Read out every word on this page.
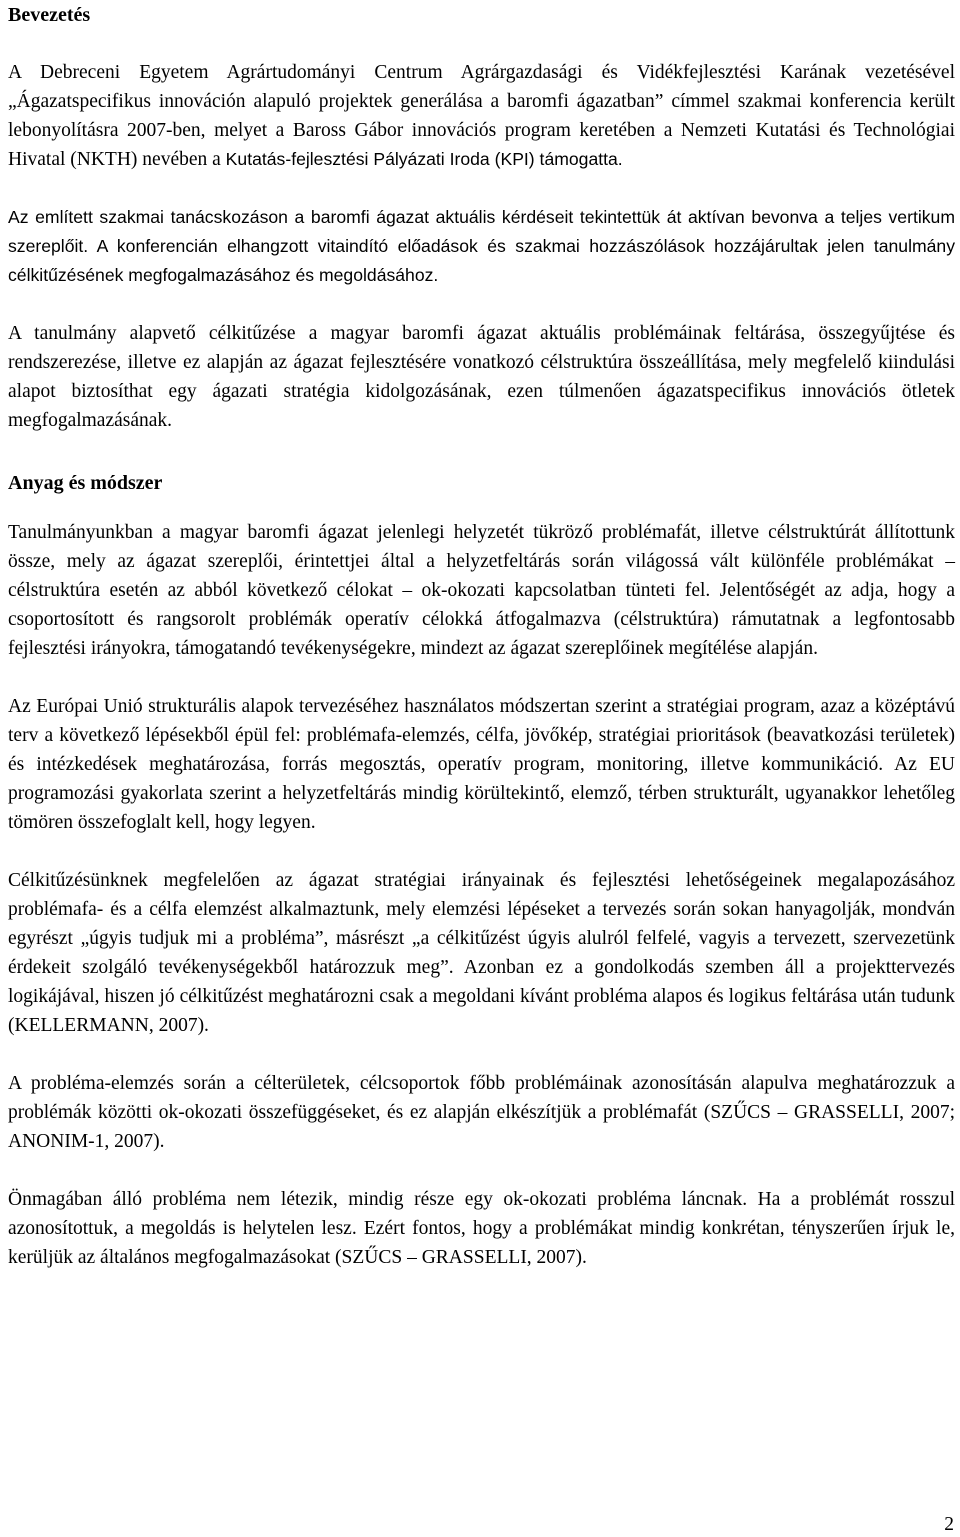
Bevezetés

A Debreceni Egyetem Agrártudományi Centrum Agrárgazdasági és Vidékfejlesztési Karának vezetésével „Ágazatspecifikus innováción alapuló projektek generálása a baromfi ágazatban” címmel szakmai konferencia került lebonyolításra 2007-ben, melyet a Baross Gábor innovációs program keretében a Nemzeti Kutatási és Technológiai Hivatal (NKTH) nevében a Kutatás-fejlesztési Pályázati Iroda (KPI) támogatta.

Az említett szakmai tanácskozáson a baromfi ágazat aktuális kérdéseit tekintettük át aktívan bevonva a teljes vertikum szereplőit. A konferencián elhangzott vitaindító előadások és szakmai hozzászólások hozzájárultak jelen tanulmány célkitűzésének megfogalmazásához és megoldásához.

A tanulmány alapvető célkitűzése a magyar baromfi ágazat aktuális problémáinak feltárása, összegyűjtése és rendszerezése, illetve ez alapján az ágazat fejlesztésére vonatkozó célstruktúra összeállítása, mely megfelelő kiindulási alapot biztosíthat egy ágazati stratégia kidolgozásának, ezen túlmenően ágazatspecifikus innovációs ötletek megfogalmazásának.

Anyag és módszer

Tanulmányunkban a magyar baromfi ágazat jelenlegi helyzetét tükröző problémafát, illetve célstruktúrát állítottunk össze, mely az ágazat szereplői, érintettjei által a helyzetfeltárás során világossá vált különféle problémákat – célstruktúra esetén az abból következő célokat – ok-okozati kapcsolatban tünteti fel. Jelentőségét az adja, hogy a csoportosított és rangsorolt problémák operatív célokká átfogalmazva (célstruktúra) rámutatnak a legfontosabb fejlesztési irányokra, támogatandó tevékenységekre, mindezt az ágazat szereplőinek megítélése alapján.

Az Európai Unió strukturális alapok tervezéséhez használatos módszertan szerint a stratégiai program, azaz a középtávú terv a következő lépésekből épül fel: problémafa-elemzés, célfa, jövőkép, stratégiai prioritások (beavatkozási területek) és intézkedések meghatározása, forrás megosztás, operatív program, monitoring, illetve kommunikáció. Az EU programozási gyakorlata szerint a helyzetfeltárás mindig körültekintő, elemző, térben strukturált, ugyanakkor lehetőleg tömören összefoglalt kell, hogy legyen.

Célkitűzésünknek megfelelően az ágazat stratégiai irányainak és fejlesztési lehetőségeinek megalapozásához problémafa- és a célfa elemzést alkalmaztunk, mely elemzési lépéseket a tervezés során sokan hanyagolják, mondván egyrészt „úgyis tudjuk mi a probléma”, másrészt „a célkitűzést úgyis alulról felfelé, vagyis a tervezett, szervezetünk érdekeit szolgáló tevékenységekből határozzuk meg”. Azonban ez a gondolkodás szemben áll a projekttervezés logikájával, hiszen jó célkitűzést meghatározni csak a megoldani kívánt probléma alapos és logikus feltárása után tudunk (KELLERMANN, 2007).

A probléma-elemzés során a célterületek, célcsoportok főbb problémáinak azonosításán alapulva meghatározzuk a problémák közötti ok-okozati összefüggéseket, és ez alapján elkészítjük a problémafát (SZŰCS – GRASSELLI, 2007; ANONIM-1, 2007).

Önmagában álló probléma nem létezik, mindig része egy ok-okozati probléma láncnak. Ha a problémát rosszul azonosítottuk, a megoldás is helytelen lesz. Ezért fontos, hogy a problémákat mindig konkrétan, tényszerűen írjuk le, kerüljük az általános megfogalmazásokat (SZŰCS – GRASSELLI, 2007).

2
